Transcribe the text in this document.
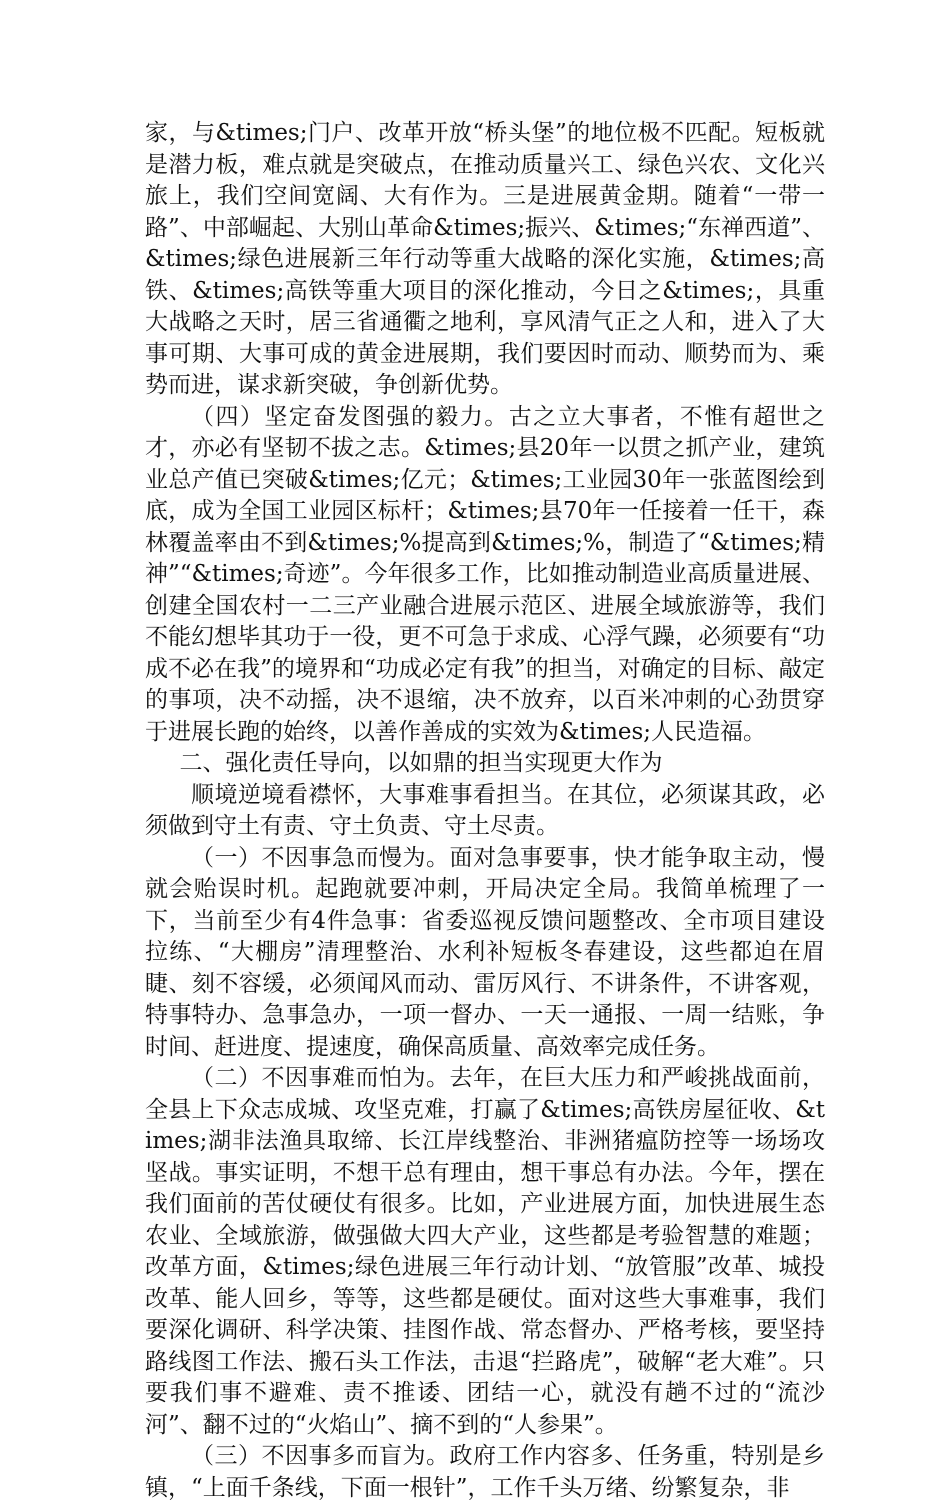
家，与&times;门户、改革开放“桥头堡”的地位极不匹配。短板就是潜力板，难点就是突破点，在推动质量兴工、绿色兴农、文化兴旅上，我们空间宽阔、大有作为。三是进展黄金期。随着“一带一路”、中部崛起、大别山革命&times;振兴、&times;“东禅西道”、&times;绿色进展新三年行动等重大战略的深化实施，&times;高铁、&times;高铁等重大项目的深化推动，今日之&times;，具重大战略之天时，居三省通衢之地利，享风清气正之人和，进入了大事可期、大事可成的黄金进展期，我们要因时而动、顺势而为、乘势而进，谋求新突破，争创新优势。

（四）坚定奋发图强的毅力。古之立大事者，不惟有超世之才，亦必有坚韧不拔之志。&times;县20年一以贯之抓产业，建筑业总产值已突破&times;亿元；&times;工业园30年一张蓝图绘到底，成为全国工业园区标杆；&times;县70年一任接着一任干，森林覆盖率由不到&times;%提高到&times;%，制造了“&times;精神”“&times;奇迹”。今年很多工作，比如推动制造业高质量进展、创建全国农村一二三产业融合进展示范区、进展全域旅游等，我们不能幻想毕其功于一役，更不可急于求成、心浮气躁，必须要有“功成不必在我”的境界和“功成必定有我”的担当，对确定的目标、敲定的事项，决不动摇，决不退缩，决不放弃，以百米冲刺的心劲贯穿于进展长跑的始终，以善作善成的实效为&times;人民造福。

二、强化责任导向，以如鼎的担当实现更大作为

顺境逆境看襟怀，大事难事看担当。在其位，必须谋其政，必须做到守土有责、守土负责、守土尽责。

（一）不因事急而慢为。面对急事要事，快才能争取主动，慢就会贻误时机。起跑就要冲刺，开局决定全局。我简单梳理了一下，当前至少有4件急事：省委巡视反馈问题整改、全市项目建设拉练、“大棚房”清理整治、水利补短板冬春建设，这些都迫在眉睫、刻不容缓，必须闻风而动、雷厉风行、不讲条件，不讲客观，特事特办、急事急办，一项一督办、一天一通报、一周一结账，争时间、赶进度、提速度，确保高质量、高效率完成任务。

（二）不因事难而怕为。去年，在巨大压力和严峻挑战面前，全县上下众志成城、攻坚克难，打赢了&times;高铁房屋征收、&times;湖非法渔具取缔、长江岸线整治、非洲猪瘟防控等一场场攻坚战。事实证明，不想干总有理由，想干事总有办法。今年，摆在我们面前的苦仗硬仗有很多。比如，产业进展方面，加快进展生态农业、全域旅游，做强做大四大产业，这些都是考验智慧的难题；改革方面，&times;绿色进展三年行动计划、“放管服”改革、城投改革、能人回乡，等等，这些都是硬仗。面对这些大事难事，我们要深化调研、科学决策、挂图作战、常态督办、严格考核，要坚持路线图工作法、搬石头工作法，击退“拦路虎”，破解“老大难”。只要我们事不避难、责不推诿、团结一心，就没有趟不过的“流沙河”、翻不过的“火焰山”、摘不到的“人参果”。

（三）不因事多而盲为。政府工作内容多、任务重，特别是乡镇，“上面千条线，下面一根针”，工作千头万绪、纷繁复杂，非
